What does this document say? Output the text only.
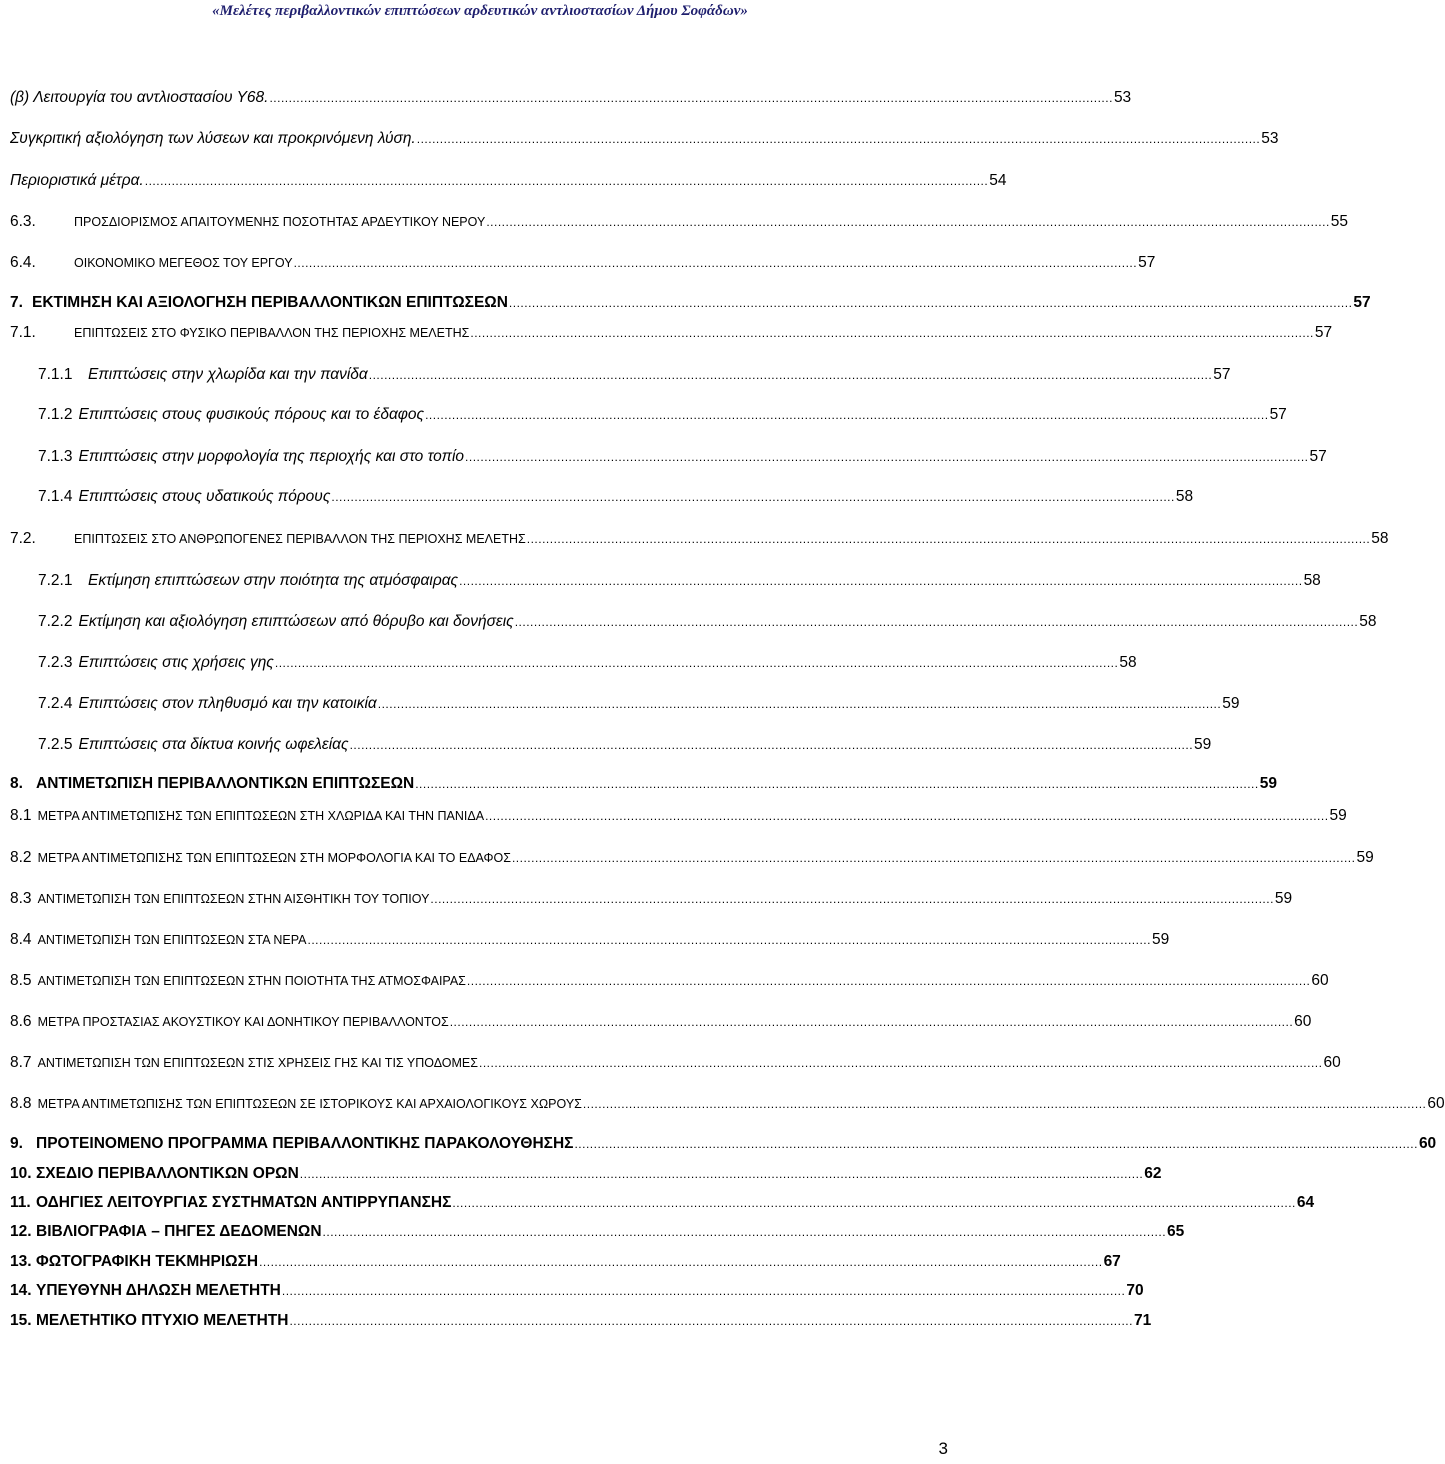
«Μελέτες περιβαλλοντικών επιπτώσεων αρδευτικών αντλιοστασίων Δήμου Σοφάδων»
(β) Λειτουργία του αντλιοστασίου Υ68. ............................................................................................................................................................................................................................ 53
Συγκριτική αξιολόγηση των λύσεων και προκρινόμενη λύση. ............................................................................................................................................................................................................................ 53
Περιοριστικά μέτρα. ............................................................................................................................................................................................................................ 54
6.3.	ΠΡΟΣΔΙΟΡΙΣΜΟΣ ΑΠΑΙΤΟΥΜΕΝΗΣ ΠΟΣΟΤΗΤΑΣ ΑΡΔΕΥΤΙΚΟΥ ΝΕΡΟΥ ............................................................................................................................................................................................................................ 55
6.4.	ΟΙΚΟΝΟΜΙΚΟ ΜΕΓΕΘΟΣ ΤΟΥ ΕΡΓΟΥ ............................................................................................................................................................................................................................ 57
7. ΕΚΤΙΜΗΣΗ ΚΑΙ ΑΞΙΟΛΟΓΗΣΗ ΠΕΡΙΒΑΛΛΟΝΤΙΚΩΝ ΕΠΙΠΤΩΣΕΩΝ ............................................................................................................................................................................................................................ 57
7.1.	ΕΠΙΠΤΩΣΕΙΣ ΣΤΟ ΦΥΣΙΚΟ ΠΕΡΙΒΑΛΛΟΝ ΤΗΣ ΠΕΡΙΟΧΗΣ ΜΕΛΕΤΗΣ ............................................................................................................................................................................................................................ 57
7.1.1	Επιπτώσεις στην χλωρίδα και την πανίδα ............................................................................................................................................................................................................................ 57
7.1.2 Επιπτώσεις στους φυσικούς πόρους και το έδαφος ............................................................................................................................................................................................................................ 57
7.1.3 Επιπτώσεις στην μορφολογία της περιοχής και στο τοπίο ............................................................................................................................................................................................................................ 57
7.1.4 Επιπτώσεις στους υδατικούς πόρους ............................................................................................................................................................................................................................ 58
7.2.	ΕΠΙΠΤΩΣΕΙΣ ΣΤΟ ΑΝΘΡΩΠΟΓΕΝΕΣ ΠΕΡΙΒΑΛΛΟΝ ΤΗΣ ΠΕΡΙΟΧΗΣ ΜΕΛΕΤΗΣ ............................................................................................................................................................................................................................ 58
7.2.1	Εκτίμηση επιπτώσεων στην ποιότητα της ατμόσφαιρας ............................................................................................................................................................................................................................ 58
7.2.2 Εκτίμηση και αξιολόγηση επιπτώσεων από θόρυβο και δονήσεις ............................................................................................................................................................................................................................ 58
7.2.3 Επιπτώσεις στις χρήσεις γης ............................................................................................................................................................................................................................ 58
7.2.4 Επιπτώσεις στον πληθυσμό και την κατοικία ............................................................................................................................................................................................................................ 59
7.2.5 Επιπτώσεις στα δίκτυα κοινής ωφελείας ............................................................................................................................................................................................................................ 59
8. ΑΝΤΙΜΕΤΩΠΙΣΗ ΠΕΡΙΒΑΛΛΟΝΤΙΚΩΝ ΕΠΙΠΤΩΣΕΩΝ ............................................................................................................................................................................................................................ 59
8.1 ΜΕΤΡΑ ΑΝΤΙΜΕΤΩΠΙΣΗΣ ΤΩΝ ΕΠΙΠΤΩΣΕΩΝ ΣΤΗ ΧΛΩΡΙΔΑ ΚΑΙ ΤΗΝ ΠΑΝΙΔΑ ............................................................................................................................................................................................................................ 59
8.2 ΜΕΤΡΑ ΑΝΤΙΜΕΤΩΠΙΣΗΣ ΤΩΝ ΕΠΙΠΤΩΣΕΩΝ ΣΤΗ ΜΟΡΦΟΛΟΓΙΑ ΚΑΙ ΤΟ ΕΔΑΦΟΣ ............................................................................................................................................................................................................................ 59
8.3 ΑΝΤΙΜΕΤΩΠΙΣΗ ΤΩΝ ΕΠΙΠΤΩΣΕΩΝ ΣΤΗΝ ΑΙΣΘΗΤΙΚΗ ΤΟΥ ΤΟΠΙΟΥ ............................................................................................................................................................................................................................ 59
8.4 ΑΝΤΙΜΕΤΩΠΙΣΗ ΤΩΝ ΕΠΙΠΤΩΣΕΩΝ ΣΤΑ ΝΕΡΑ ............................................................................................................................................................................................................................ 59
8.5 ΑΝΤΙΜΕΤΩΠΙΣΗ ΤΩΝ ΕΠΙΠΤΩΣΕΩΝ ΣΤΗΝ ΠΟΙΟΤΗΤΑ ΤΗΣ ΑΤΜΟΣΦΑΙΡΑΣ ............................................................................................................................................................................................................................ 60
8.6 ΜΕΤΡΑ ΠΡΟΣΤΑΣΙΑΣ ΑΚΟΥΣΤΙΚΟΥ ΚΑΙ ΔΟΝΗΤΙΚΟΥ ΠΕΡΙΒΑΛΛΟΝΤΟΣ ............................................................................................................................................................................................................................ 60
8.7 ΑΝΤΙΜΕΤΩΠΙΣΗ ΤΩΝ ΕΠΙΠΤΩΣΕΩΝ ΣΤΙΣ ΧΡΗΣΕΙΣ ΓΗΣ ΚΑΙ ΤΙΣ ΥΠΟΔΟΜΕΣ ............................................................................................................................................................................................................................ 60
8.8 ΜΕΤΡΑ ΑΝΤΙΜΕΤΩΠΙΣΗΣ ΤΩΝ ΕΠΙΠΤΩΣΕΩΝ ΣΕ ΙΣΤΟΡΙΚΟΥΣ ΚΑΙ ΑΡΧΑΙΟΛΟΓΙΚΟΥΣ ΧΩΡΟΥΣ ............................................................................................................................................................................................................................ 60
9. ΠΡΟΤΕΙΝΟΜΕΝΟ ΠΡΟΓΡΑΜΜΑ ΠΕΡΙΒΑΛΛΟΝΤΙΚΗΣ ΠΑΡΑΚΟΛΟΥΘΗΣΗΣ ............................................................................................................................................................................................................................ 60
10. ΣΧΕΔΙΟ ΠΕΡΙΒΑΛΛΟΝΤΙΚΩΝ ΟΡΩΝ ............................................................................................................................................................................................................................ 62
11. ΟΔΗΓΙΕΣ ΛΕΙΤΟΥΡΓΙΑΣ ΣΥΣΤΗΜΑΤΩΝ ΑΝΤΙΡΡΥΠΑΝΣΗΣ ............................................................................................................................................................................................................................ 64
12. ΒΙΒΛΙΟΓΡΑΦΙΑ – ΠΗΓΕΣ ΔΕΔΟΜΕΝΩΝ ............................................................................................................................................................................................................................ 65
13. ΦΩΤΟΓΡΑΦΙΚΗ ΤΕΚΜΗΡΙΩΣΗ ............................................................................................................................................................................................................................ 67
14. ΥΠΕΥΘΥΝΗ ΔΗΛΩΣΗ ΜΕΛΕΤΗΤΗ ............................................................................................................................................................................................................................ 70
15. ΜΕΛΕΤΗΤΙΚΟ ΠΤΥΧΙΟ ΜΕΛΕΤΗΤΗ ............................................................................................................................................................................................................................ 71
3
